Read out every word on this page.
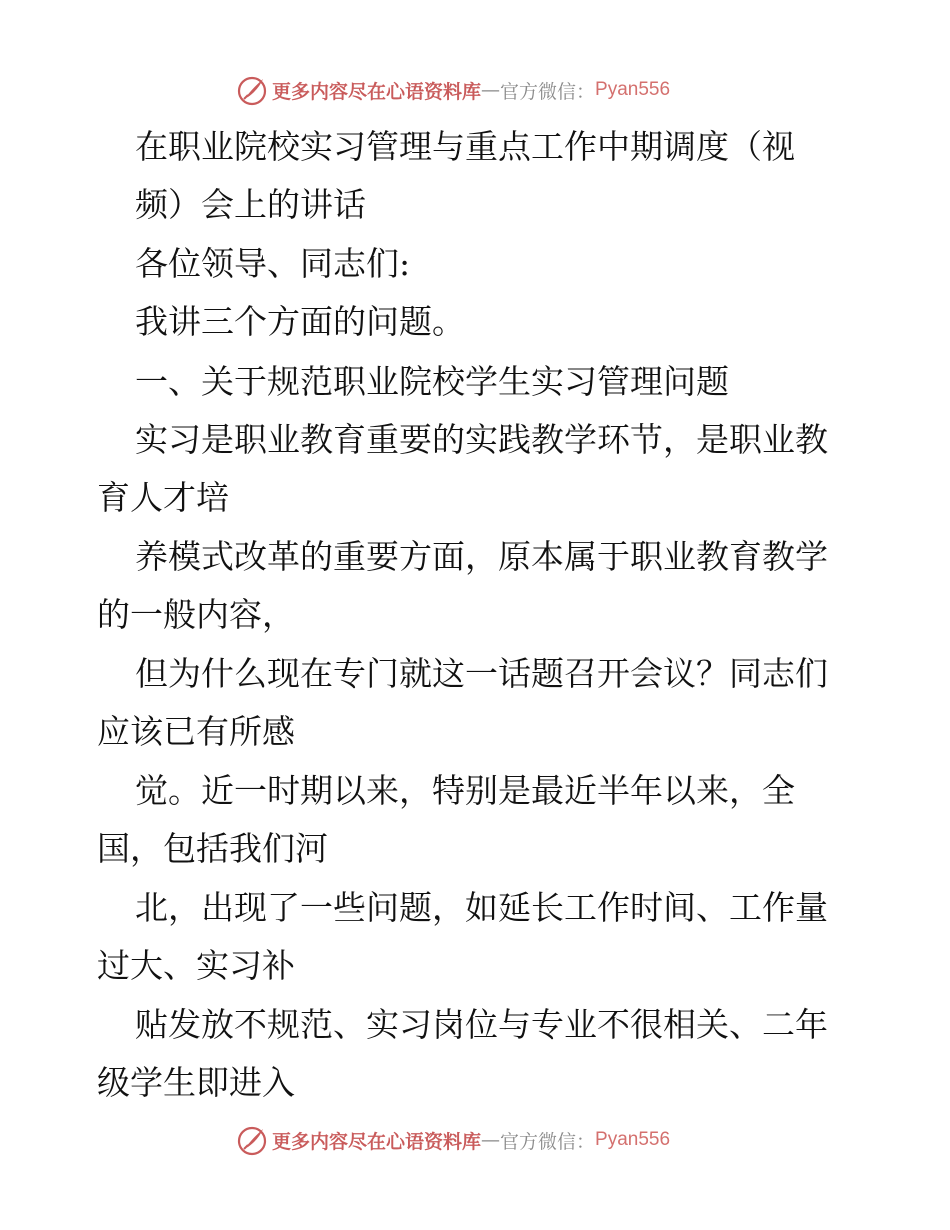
更多内容尽在心语资料库 — 官方微信： Pyan556
在职业院校实习管理与重点工作中期调度（视
频）会上的讲话
各位领导、同志们:
我讲三个方面的问题。
一、关于规范职业院校学生实习管理问题
实习是职业教育重要的实践教学环节，是职业教
育人才培
养模式改革的重要方面，原本属于职业教育教学
的一般内容，
但为什么现在专门就这一话题召开会议？同志们
应该已有所感
觉。近一时期以来，特别是最近半年以来，全
国，包括我们河
北，出现了一些问题，如延长工作时间、工作量
过大、实习补
贴发放不规范、实习岗位与专业不很相关、二年
级学生即进入
更多内容尽在心语资料库 — 官方微信： Pyan556
